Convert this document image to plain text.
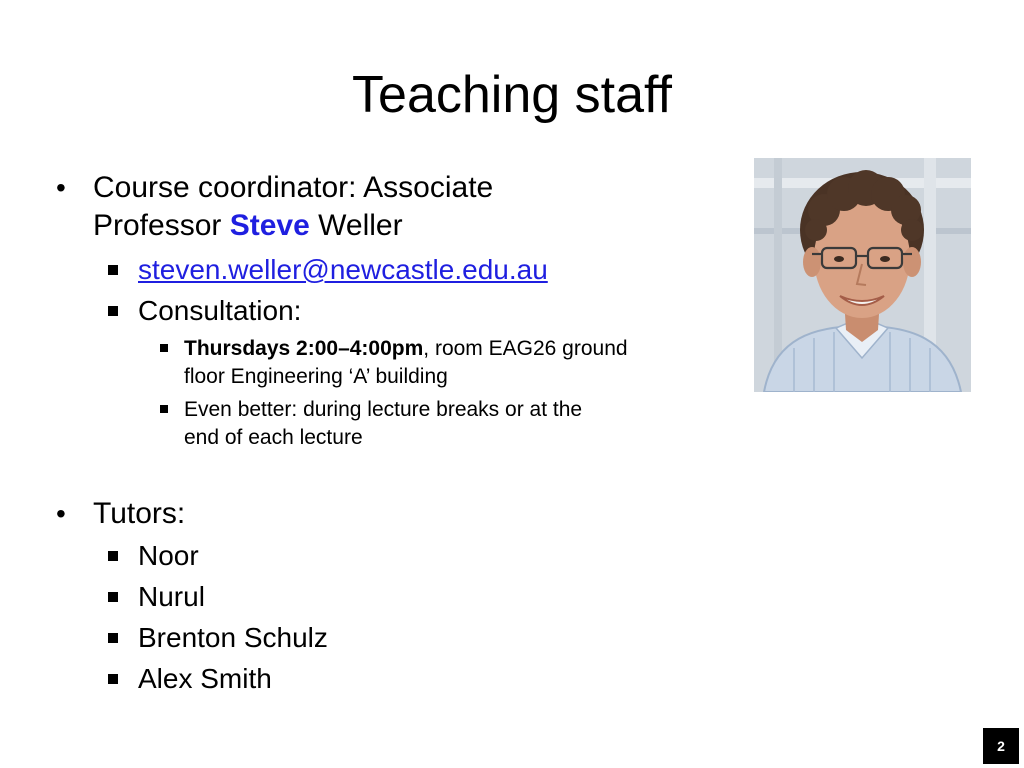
Teaching staff
• Course coordinator: Associate
Professor Steve Weller
steven.weller@newcastle.edu.au
Consultation:
Thursdays 2:00–4:00pm, room EAG26 ground
floor Engineering ‘A’ building
Even better: during lecture breaks or at the
end of each lecture
• Tutors:
Noor
Nurul
Brenton Schulz
Alex Smith
2
